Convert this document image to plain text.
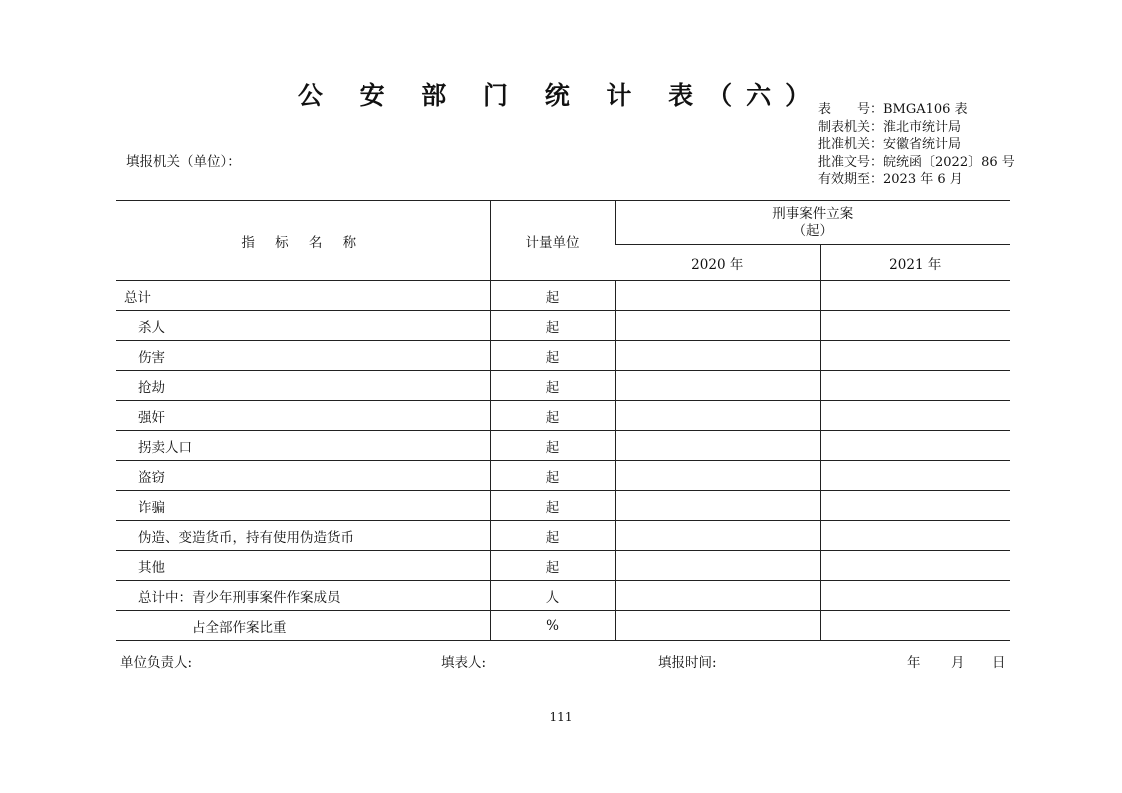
公 安 部 门 统 计 表（六）
表　　号：BMGA106 表
制表机关：淮北市统计局
批准机关：安徽省统计局
批准文号：皖统函〔2022〕86 号
有效期至：2023 年 6 月
填报机关（单位）：
指 标 名 称	计量单位	刑事案件立案
（起）	

		2020 年	2021 年
总计	起		
杀人	起		
伤害	起		
抢劫	起		
强奸	起		
拐卖人口	起		
盗窃	起		
诈骗	起		
伪造、变造货币，持有使用伪造货币	起		
其他	起		
总计中：青少年刑事案件作案成员	人		
占全部作案比重	%		
单位负责人:	填表人:	填报时间:	年 月 日
111
